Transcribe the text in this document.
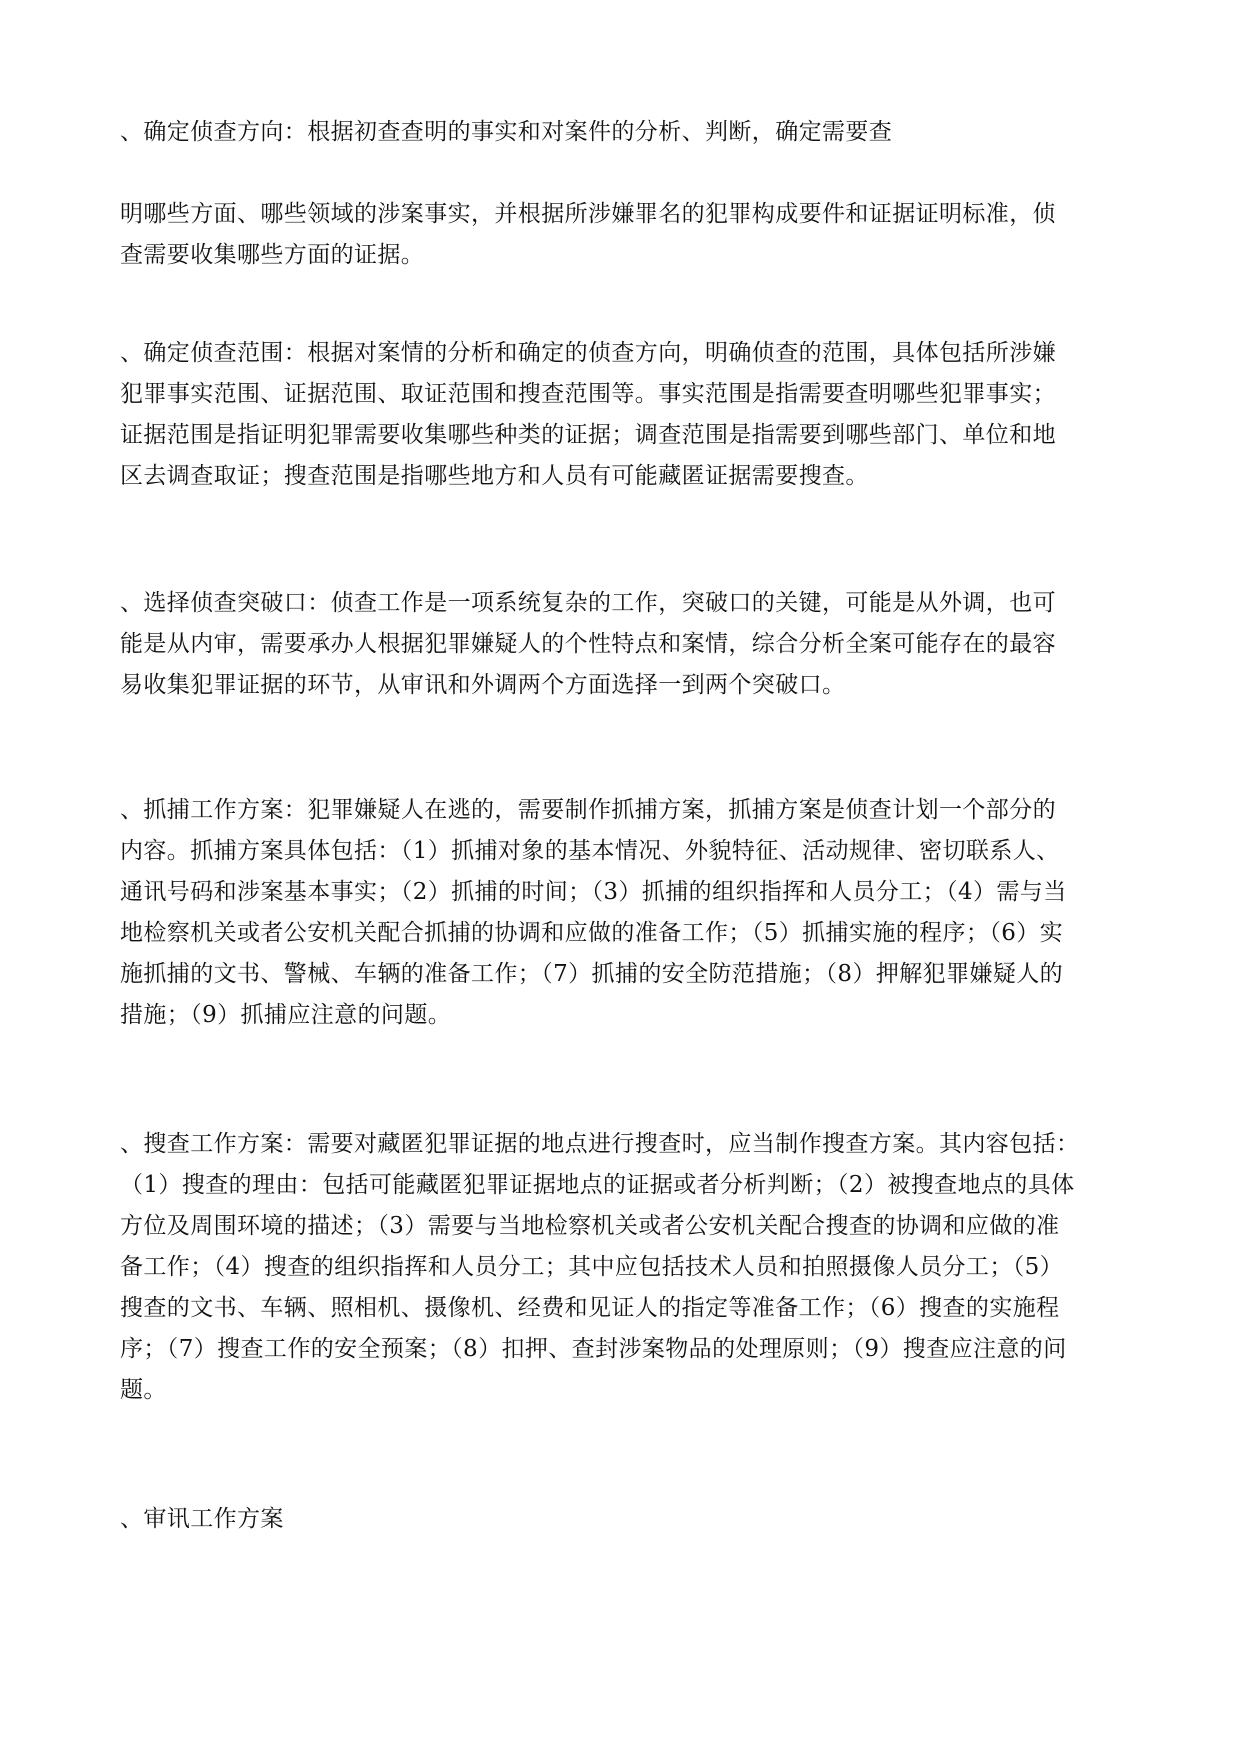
、确定侦查方向：根据初查查明的事实和对案件的分析、判断，确定需要查

明哪些方面、哪些领域的涉案事实，并根据所涉嫌罪名的犯罪构成要件和证据证明标准，侦
查需要收集哪些方面的证据。

、确定侦查范围：根据对案情的分析和确定的侦查方向，明确侦查的范围，具体包括所涉嫌
犯罪事实范围、证据范围、取证范围和搜查范围等。事实范围是指需要查明哪些犯罪事实；
证据范围是指证明犯罪需要收集哪些种类的证据；调查范围是指需要到哪些部门、单位和地
区去调查取证；搜查范围是指哪些地方和人员有可能藏匿证据需要搜查。

、选择侦查突破口：侦查工作是一项系统复杂的工作，突破口的关键，可能是从外调，也可
能是从内审，需要承办人根据犯罪嫌疑人的个性特点和案情，综合分析全案可能存在的最容
易收集犯罪证据的环节，从审讯和外调两个方面选择一到两个突破口。

、抓捕工作方案：犯罪嫌疑人在逃的，需要制作抓捕方案，抓捕方案是侦查计划一个部分的
内容。抓捕方案具体包括：（1）抓捕对象的基本情况、外貌特征、活动规律、密切联系人、
通讯号码和涉案基本事实；（2）抓捕的时间；（3）抓捕的组织指挥和人员分工；（4）需与当
地检察机关或者公安机关配合抓捕的协调和应做的准备工作；（5）抓捕实施的程序；（6）实
施抓捕的文书、警械、车辆的准备工作；（7）抓捕的安全防范措施；（8）押解犯罪嫌疑人的
措施；（9）抓捕应注意的问题。

、搜查工作方案：需要对藏匿犯罪证据的地点进行搜查时，应当制作搜查方案。其内容包括：
（1）搜查的理由：包括可能藏匿犯罪证据地点的证据或者分析判断；（2）被搜查地点的具体
方位及周围环境的描述；（3）需要与当地检察机关或者公安机关配合搜查的协调和应做的准
备工作；（4）搜查的组织指挥和人员分工；其中应包括技术人员和拍照摄像人员分工；（5）
搜查的文书、车辆、照相机、摄像机、经费和见证人的指定等准备工作；（6）搜查的实施程
序；（7）搜查工作的安全预案；（8）扣押、查封涉案物品的处理原则；（9）搜查应注意的问
题。

、审讯工作方案
